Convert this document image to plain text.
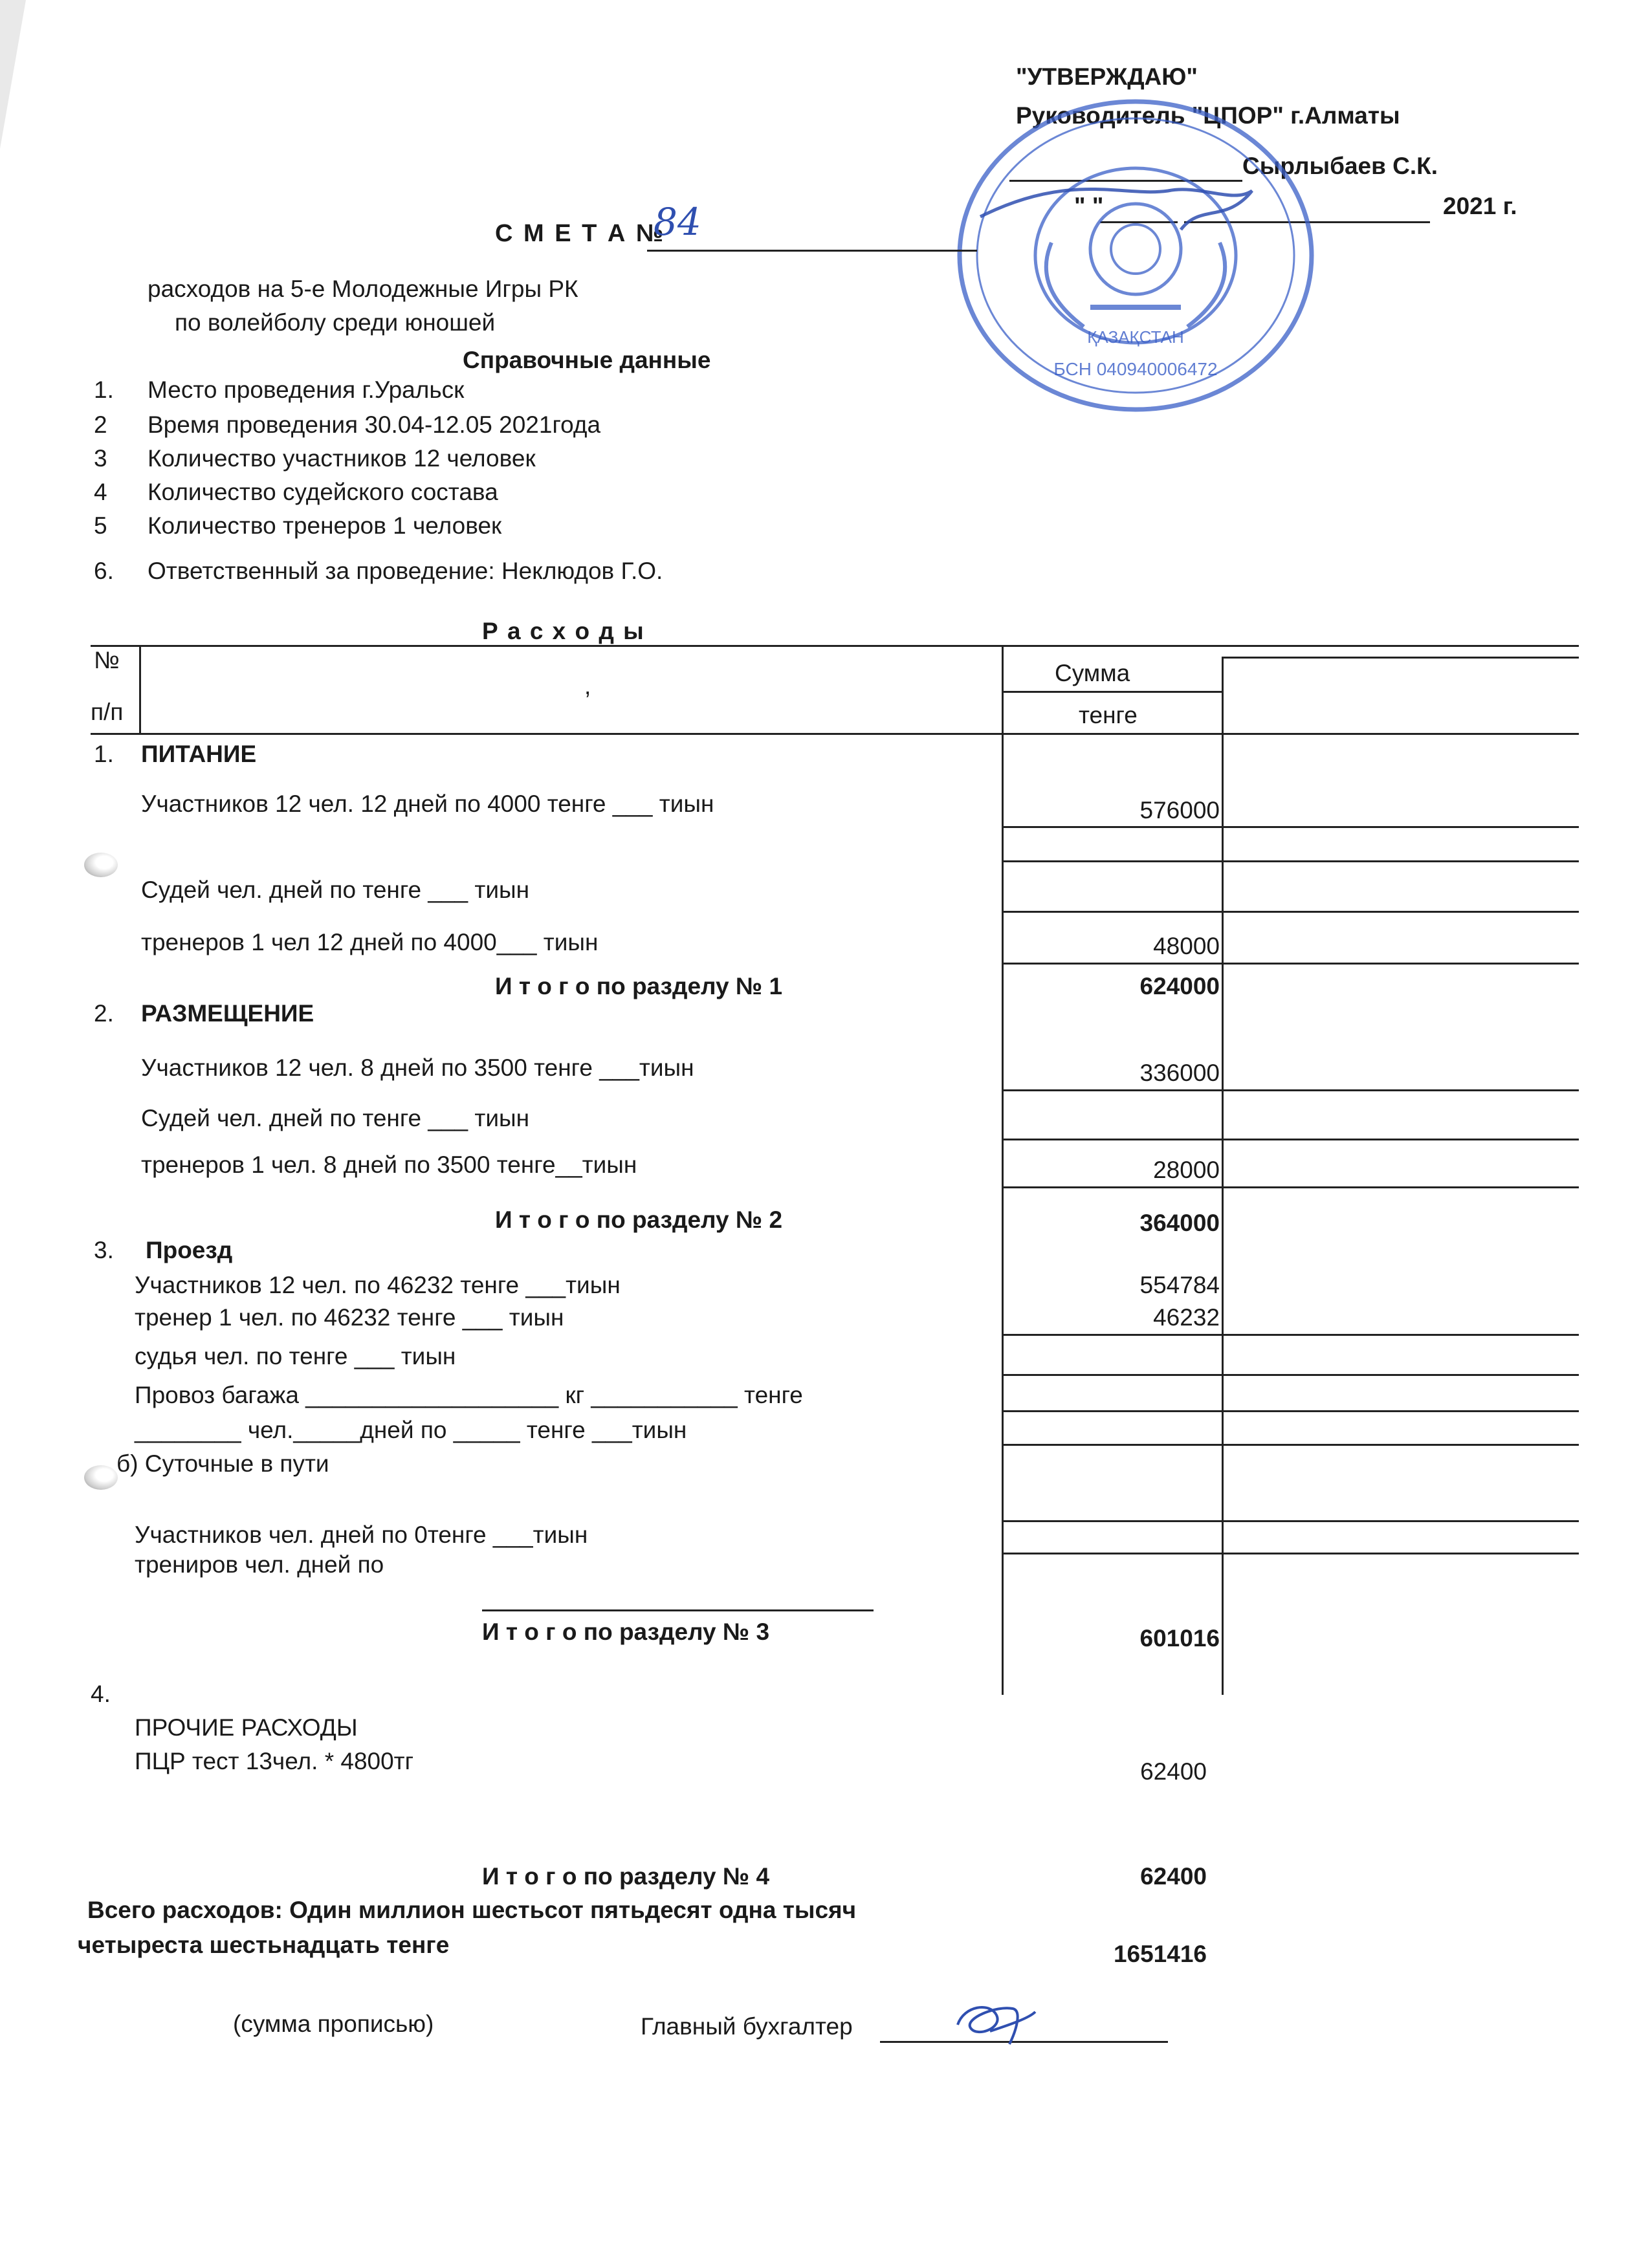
"УТВЕРЖДАЮ"
Руководитель "ЦПОР" г.Алматы
Сырлыбаев С.К.
" "	2021 г.
ҚАЗАҚСТАН
БСН 040940006472
С М Е Т А №
84
расходов на 5-е Молодежные Игры РК
по волейболу среди юношей
Справочные данные
1. Место проведения г.Уральск
2 Время проведения 30.04-12.05 2021года
3 Количество участников 12 человек
4 Количество судейского состава
5 Количество тренеров 1 человек
6. Ответственный за проведение: Неклюдов Г.О.
Р а с х о д ы
№
п/п
,	Сумма
тенге
1. ПИТАНИЕ
Участников 12 чел. 12 дней по 4000 тенге ___ тиын	576000
Судей чел. дней по тенге ___ тиын
тренеров 1 чел 12 дней по 4000___ тиын	48000
И т о г о по разделу № 1	624000
2. РАЗМЕЩЕНИЕ
Участников 12 чел. 8 дней по 3500 тенге ___тиын	336000
Судей чел. дней по тенге ___ тиын
тренеров 1 чел. 8 дней по 3500 тенге__тиын	28000
И т о г о по разделу № 2	364000
3. Проезд
Участников 12 чел. по 46232 тенге ___тиын	554784
тренер 1 чел. по 46232 тенге ___ тиын	46232
судья чел. по тенге ___ тиын
Провоз багажа ___________________ кг ___________ тенге
________ чел._____дней по _____ тенге ___тиын
б) Суточные в пути
Участников чел. дней по 0тенге ___тиын
трениров чел. дней по
И т о г о по разделу № 3	601016
4.
ПРОЧИЕ РАСХОДЫ
ПЦР тест 13чел. * 4800тг	62400
И т о г о по разделу № 4	62400
Всего расходов: Один миллион шестьсот пятьдесят одна тысяч
четыреста шестьнадцать тенге	1651416
(сумма прописью)	Главный бухгалтер
